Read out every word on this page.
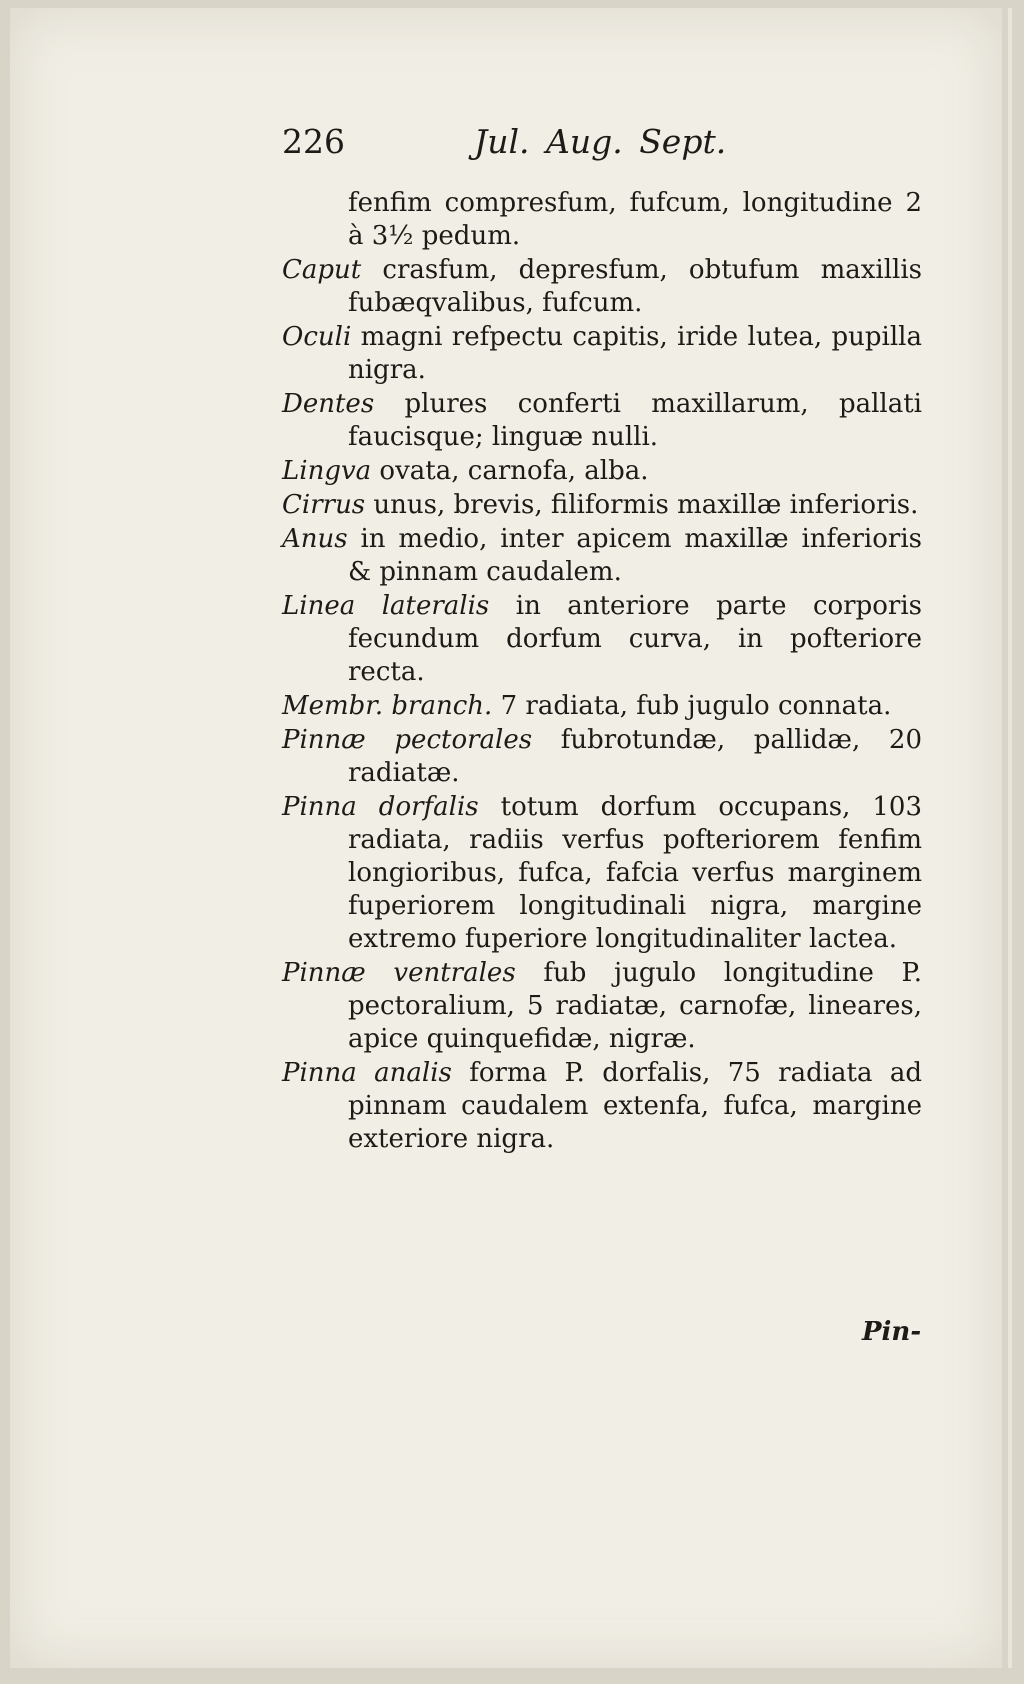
226	Jul. Aug. Sept.

fenfim compresfum, fufcum, longitudine 2 à 3½ pedum.

Caput crasfum, depresfum, obtufum maxillis fubæqvalibus, fufcum.

Oculi magni refpectu capitis, iride lutea, pupilla nigra.

Dentes plures conferti maxillarum, pallati faucisque; linguæ nulli.

Lingva ovata, carnofa, alba.

Cirrus unus, brevis, filiformis maxillæ inferioris.

Anus in medio, inter apicem maxillæ inferioris & pinnam caudalem.

Linea lateralis in anteriore parte corporis fecundum dorfum curva, in pofteriore recta.

Membr. branch. 7 radiata, fub jugulo connata.

Pinnæ pectorales fubrotundæ, pallidæ, 20 radiatæ.

Pinna dorfalis totum dorfum occupans, 103 radiata, radiis verfus pofteriorem fenfim longioribus, fufca, fafcia verfus marginem fuperiorem longitudinali nigra, margine extremo fuperiore longitudinaliter lactea.

Pinnæ ventrales fub jugulo longitudine P. pectoralium, 5 radiatæ, carnofæ, lineares, apice quinquefidæ, nigræ.

Pinna analis forma P. dorfalis, 75 radiata ad pinnam caudalem extenfa, fufca, margine exteriore nigra.

Pin-
